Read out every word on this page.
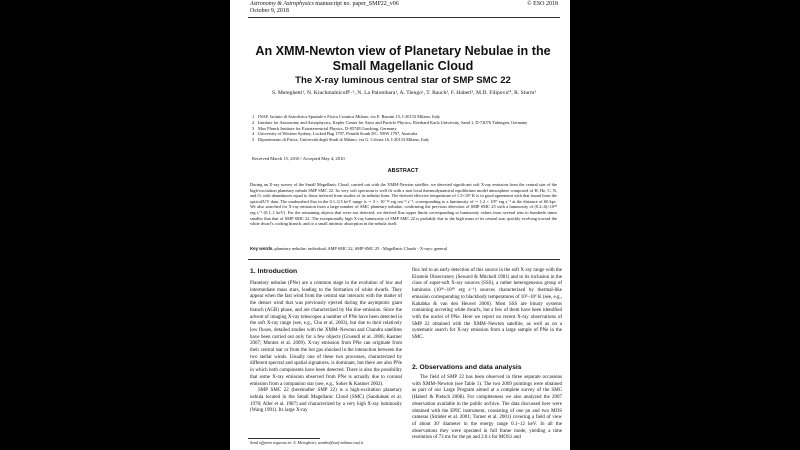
Astronomy & Astrophysics manuscript no. paper_SMP22_v06
October 9, 2018
© ESO 2018
An XMM-Newton view of Planetary Nebulae in the Small Magellanic Cloud
The X-ray luminous central star of SMP SMC 22
S. Mereghetti¹, N. Krachmalnicoff¹·⁵, N. La Palombara¹, A. Tiengo¹, T. Rauch², F. Haberl³, M.D. Filipović⁴, R. Sturm³
1 INAF, Istituto di Astrofisica Spaziale e Fisica Cosmica Milano, via E. Bassini 15, I-20133 Milano, Italy
2 Institute for Astronomy and Astrophysics, Kepler Center for Astro and Particle Physics, Eberhard Karls University, Sand 1, D-72076 Tübingen, Germany
3 Max Planck Institute for Extraterrestrial Physics, D-85748 Garching, Germany
4 University of Western Sydney, Locked Bag 1797, Penrith South DC, NSW 1797, Australia
5 Dipartimento di Fisica, Università degli Studi di Milano, via G. Celoria 16, I-20133 Milano, Italy
Received March 15, 2010 / Accepted May 4, 2010
ABSTRACT
During an X-ray survey of the Small Magellanic Cloud, carried out with the XMM-Newton satellite, we detected significant soft X-ray emission from the central star of the high-excitation planetary nebula SMP SMC 22. Its very soft spectrum is well fit with a non local thermodynamical equilibrium model atmosphere composed of H, He, C, N, and O, with abundances equal to those inferred from studies of its nebular lines. The derived effective temperature of 1.5×10⁵ K is in good agreement with that found from the optical/UV data. The unabsorbed flux in the 0.1–0.5 keV range is ∼ 3 × 10⁻¹² erg cm⁻² s⁻¹, corresponding to a luminosity of ∼ 1.2 × 10³⁷ erg s⁻¹ at the distance of 60 kpc. We also searched for X-ray emission from a large number of SMC planetary nebulae, confirming the previous detection of SMP SMC 25 with a luminosity of (0.2–6)×10³⁵ erg s⁻¹ (0.1–1 keV). For the remaining objects that were not detected, we derived flux upper limits corresponding to luminosity values from several tens to hundreds times smaller that that of SMP SMC 22. The exceptionally high X-ray luminosity of SMP SMC 22 is probably due to the high mass of its central star, quickly evolving toward the white dwarf's cooling branch, and to a small intrinsic absorption in the nebula itself.
Key words. planetary nebulae: individual: SMP SMC 22, SMP SMC 25 - Magellanic Clouds - X-rays: general
1. Introduction

Planetary nebulae (PNe) are a common stage in the evolution of low and intermediate mass stars, leading to the formation of white dwarfs. They appear when the fast wind from the central star interacts with the matter of the denser wind that was previously ejected during the asymptotic giant branch (AGB) phase, and are characterized by Hα line emission. Since the advent of imaging X-ray telescopes a number of PNe have been detected in the soft X-ray range (see, e.g., Chu et al. 2003), but due to their relatively low fluxes, detailed studies with the XMM–Newton and Chandra satellites have been carried out only for a few objects (Gruendl et al. 2006; Kastner 2007; Montez et al. 2009). X-ray emission from PNe can originate from their central star or from the hot gas shocked in the interaction between the two stellar winds. Usually one of these two processes, characterized by different spectral and spatial signatures, is dominant, but there are also PNe in which both components have been detected. There is also the possibility that some X-ray emission observed from PNe is actually due to coronal emission from a companion star (see, e.g., Soker & Kastner 2002).

SMP SMC 22 (hereinafter SMP 22) is a high-excitation planetary nebula located in the Small Magellanic Cloud (SMC) (Sanduleak et al. 1978; Aller et al. 1987) and characterized by a very high X-ray luminosity (Wang 1991). Its large X-ray

flux led to an early detection of this source in the soft X-ray range with the Einstein Observatory (Seward & Mitchell 1981) and to its inclusion in the class of super-soft X-ray sources (SSS), a rather heterogeneous group of luminous (10³⁶–10³⁸ erg s⁻¹) sources characterized by thermal-like emission corresponding to blackbody temperatures of 10⁵–10⁶ K (see, e.g., Kahabka & van den Heuvel 2006). Most SSS are binary systems containing accreting white dwarfs, but a few of them have been identified with the nuclei of PNe. Here we report on recent X-ray observations of SMP 22 obtained with the XMM–Newton satellite, as well as on a systematic search for X-ray emission from a large sample of PNe in the SMC.

2. Observations and data analysis

The field of SMP 22 has been observed in three separate occasions with XMM–Newton (see Table 1). The two 2009 pointings were obtained as part of our Large Program aimed at a complete survey of the SMC (Haberl & Pietsch 2008). For completeness we also analyzed the 2007 observation available in the public archive. The data discussed here were obtained with the EPIC instrument, consisting of one pn and two MOS cameras (Strüder et al. 2001; Turner et al. 2001) covering a field of view of about 30′ diameter in the energy range 0.1–12 keV. In all the observations they were operated in full frame mode, yielding a time resolution of 73 ms for the pn and 2.6 s for MOS1 and

Send offprint requests to: S. Mereghetti, sandro@iasf-milano.inaf.it
